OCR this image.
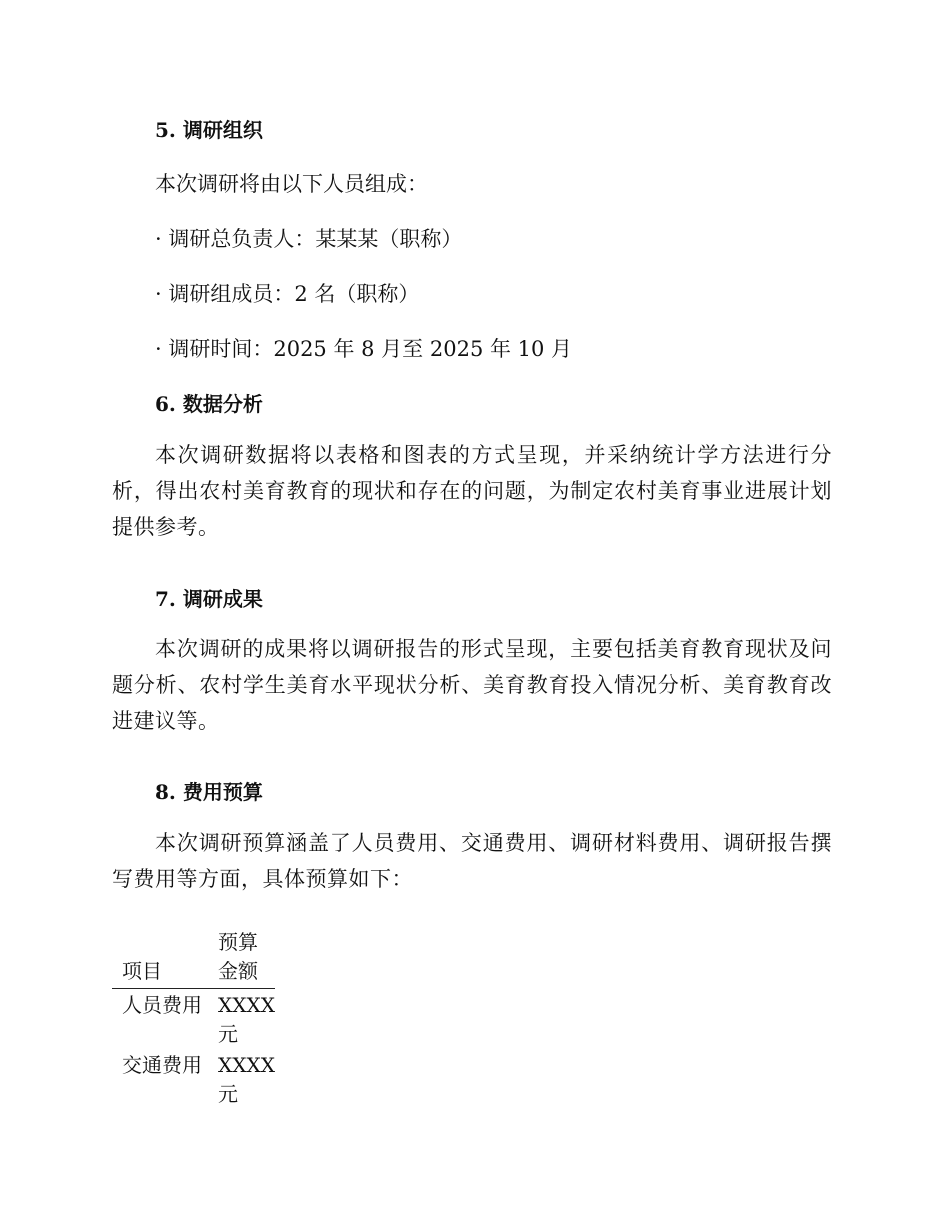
5. 调研组织
本次调研将由以下人员组成：
· 调研总负责人：某某某（职称）
· 调研组成员：2 名（职称）
· 调研时间：2025 年 8 月至 2025 年 10 月
6. 数据分析
本次调研数据将以表格和图表的方式呈现，并采纳统计学方法进行分析，得出农村美育教育的现状和存在的问题，为制定农村美育事业进展计划提供参考。
7. 调研成果
本次调研的成果将以调研报告的形式呈现，主要包括美育教育现状及问题分析、农村学生美育水平现状分析、美育教育投入情况分析、美育教育改进建议等。
8. 费用预算
本次调研预算涵盖了人员费用、交通费用、调研材料费用、调研报告撰写费用等方面，具体预算如下：
项目	预算金额
人员费用	XXXX 元
交通费用	XXXX 元
